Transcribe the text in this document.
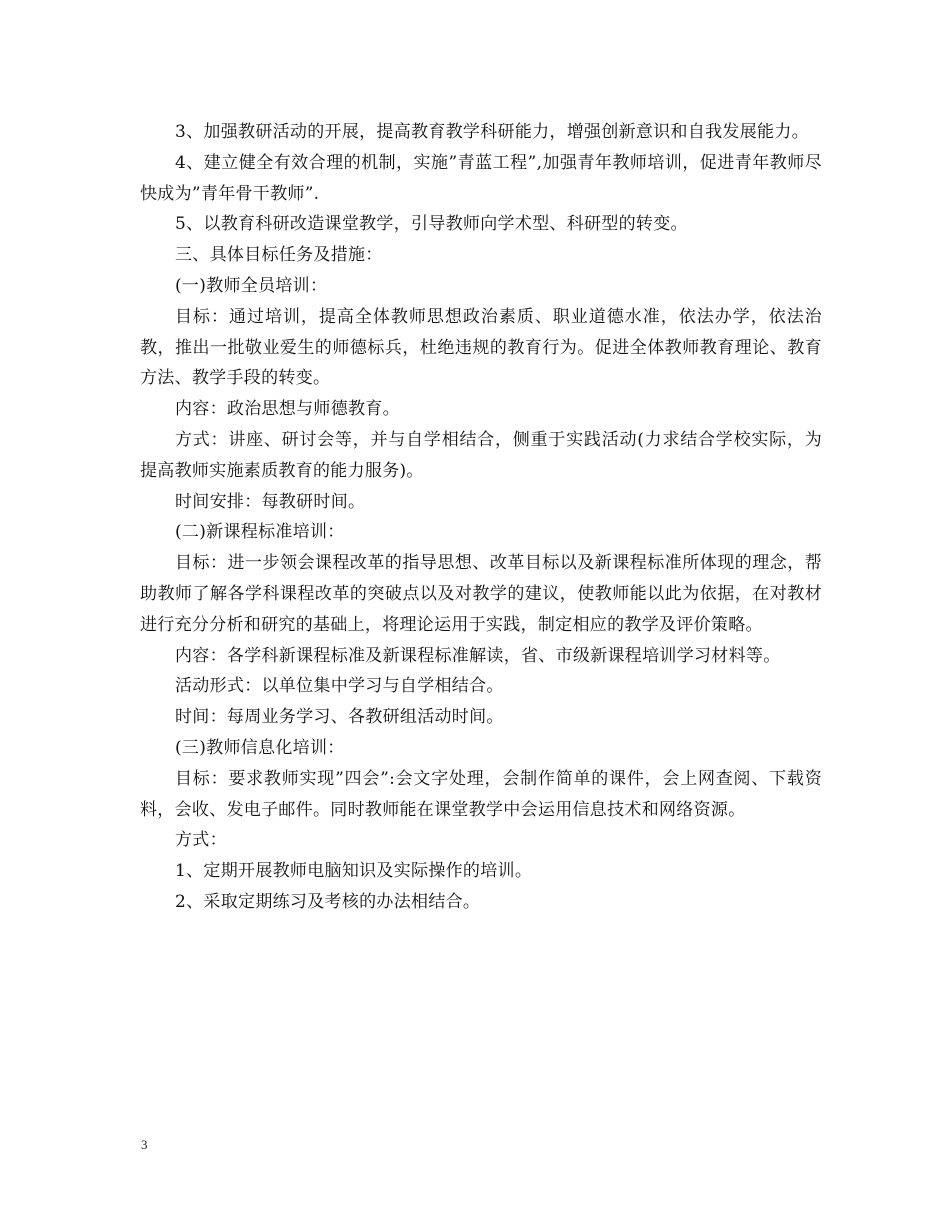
3、加强教研活动的开展，提高教育教学科研能力，增强创新意识和自我发展能力。

4、建立健全有效合理的机制，实施”青蓝工程”,加强青年教师培训，促进青年教师尽快成为”青年骨干教师”.

5、以教育科研改造课堂教学，引导教师向学术型、科研型的转变。

三、具体目标任务及措施：

(一)教师全员培训：

目标：通过培训，提高全体教师思想政治素质、职业道德水准，依法办学，依法治教，推出一批敬业爱生的师德标兵，杜绝违规的教育行为。促进全体教师教育理论、教育方法、教学手段的转变。

内容：政治思想与师德教育。

方式：讲座、研讨会等，并与自学相结合，侧重于实践活动(力求结合学校实际，为提高教师实施素质教育的能力服务)。

时间安排：每教研时间。

(二)新课程标准培训：

目标：进一步领会课程改革的指导思想、改革目标以及新课程标准所体现的理念，帮助教师了解各学科课程改革的突破点以及对教学的建议，使教师能以此为依据，在对教材进行充分分析和研究的基础上，将理论运用于实践，制定相应的教学及评价策略。

内容：各学科新课程标准及新课程标准解读，省、市级新课程培训学习材料等。

活动形式：以单位集中学习与自学相结合。

时间：每周业务学习、各教研组活动时间。

(三)教师信息化培训：

目标：要求教师实现”四会”:会文字处理，会制作简单的课件，会上网查阅、下载资料，会收、发电子邮件。同时教师能在课堂教学中会运用信息技术和网络资源。

方式：

1、定期开展教师电脑知识及实际操作的培训。

2、采取定期练习及考核的办法相结合。

3
